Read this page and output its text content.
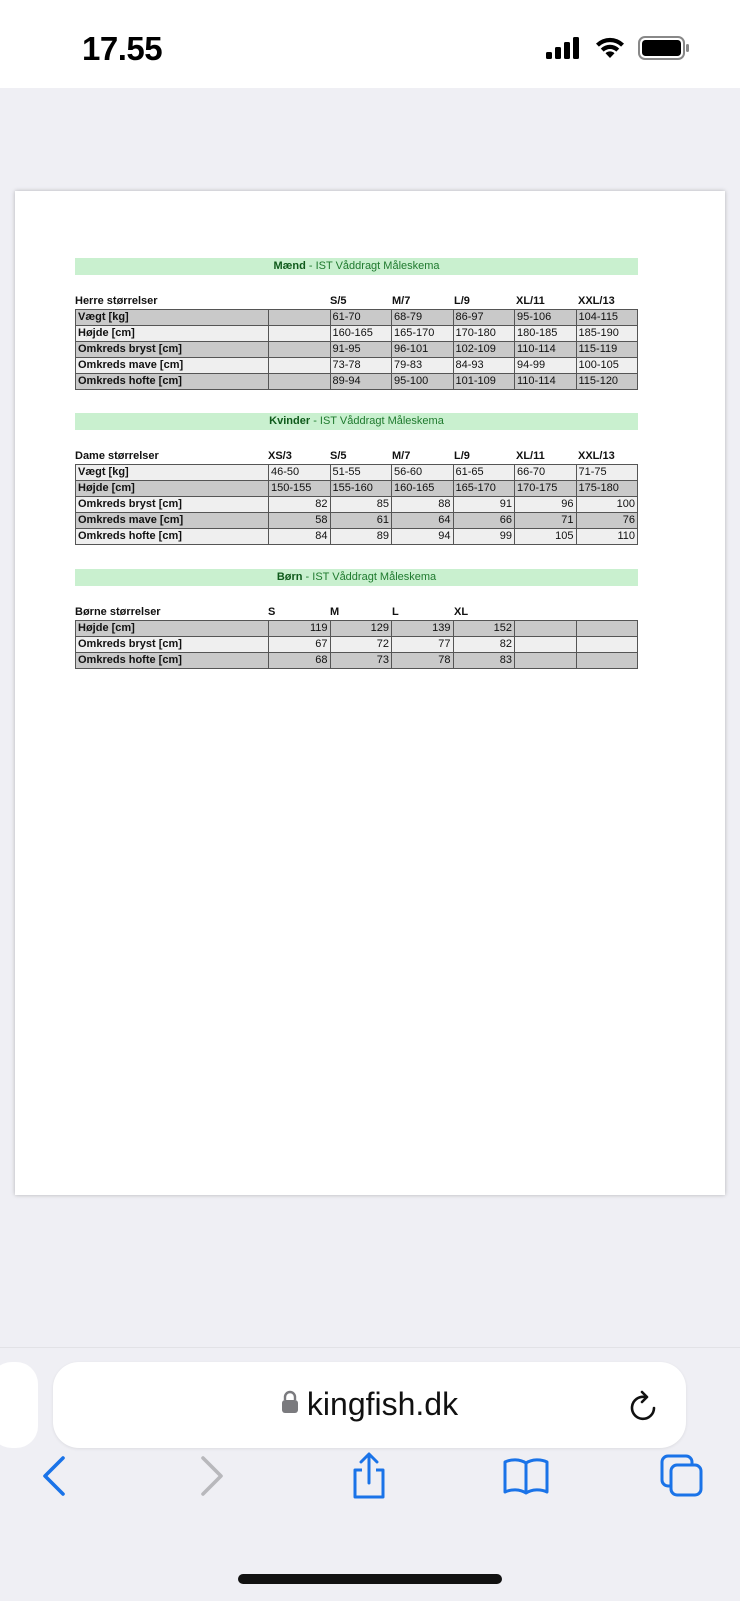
17.55
Mænd - IST Våddragt Måleskema
Herre størrelser	S/5	M/7	L/9	XL/11	XXL/13
Vægt [kg]		61-70	68-79	86-97	95-106	104-115
Højde [cm]		160-165	165-170	170-180	180-185	185-190
Omkreds bryst [cm]		91-95	96-101	102-109	110-114	115-119
Omkreds mave [cm]		73-78	79-83	84-93	94-99	100-105
Omkreds hofte [cm]		89-94	95-100	101-109	110-114	115-120
Kvinder - IST Våddragt Måleskema
Dame størrelser	XS/3	S/5	M/7	L/9	XL/11	XXL/13
Vægt [kg]	46-50	51-55	56-60	61-65	66-70	71-75
Højde [cm]	150-155	155-160	160-165	165-170	170-175	175-180
Omkreds bryst [cm]	82	85	88	91	96	100
Omkreds mave [cm]	58	61	64	66	71	76
Omkreds hofte [cm]	84	89	94	99	105	110
Børn - IST Våddragt Måleskema
Børne størrelser	S	M	L	XL
Højde [cm]	119	129	139	152		
Omkreds bryst [cm]	67	72	77	82		
Omkreds hofte [cm]	68	73	78	83		
kingfish.dk
